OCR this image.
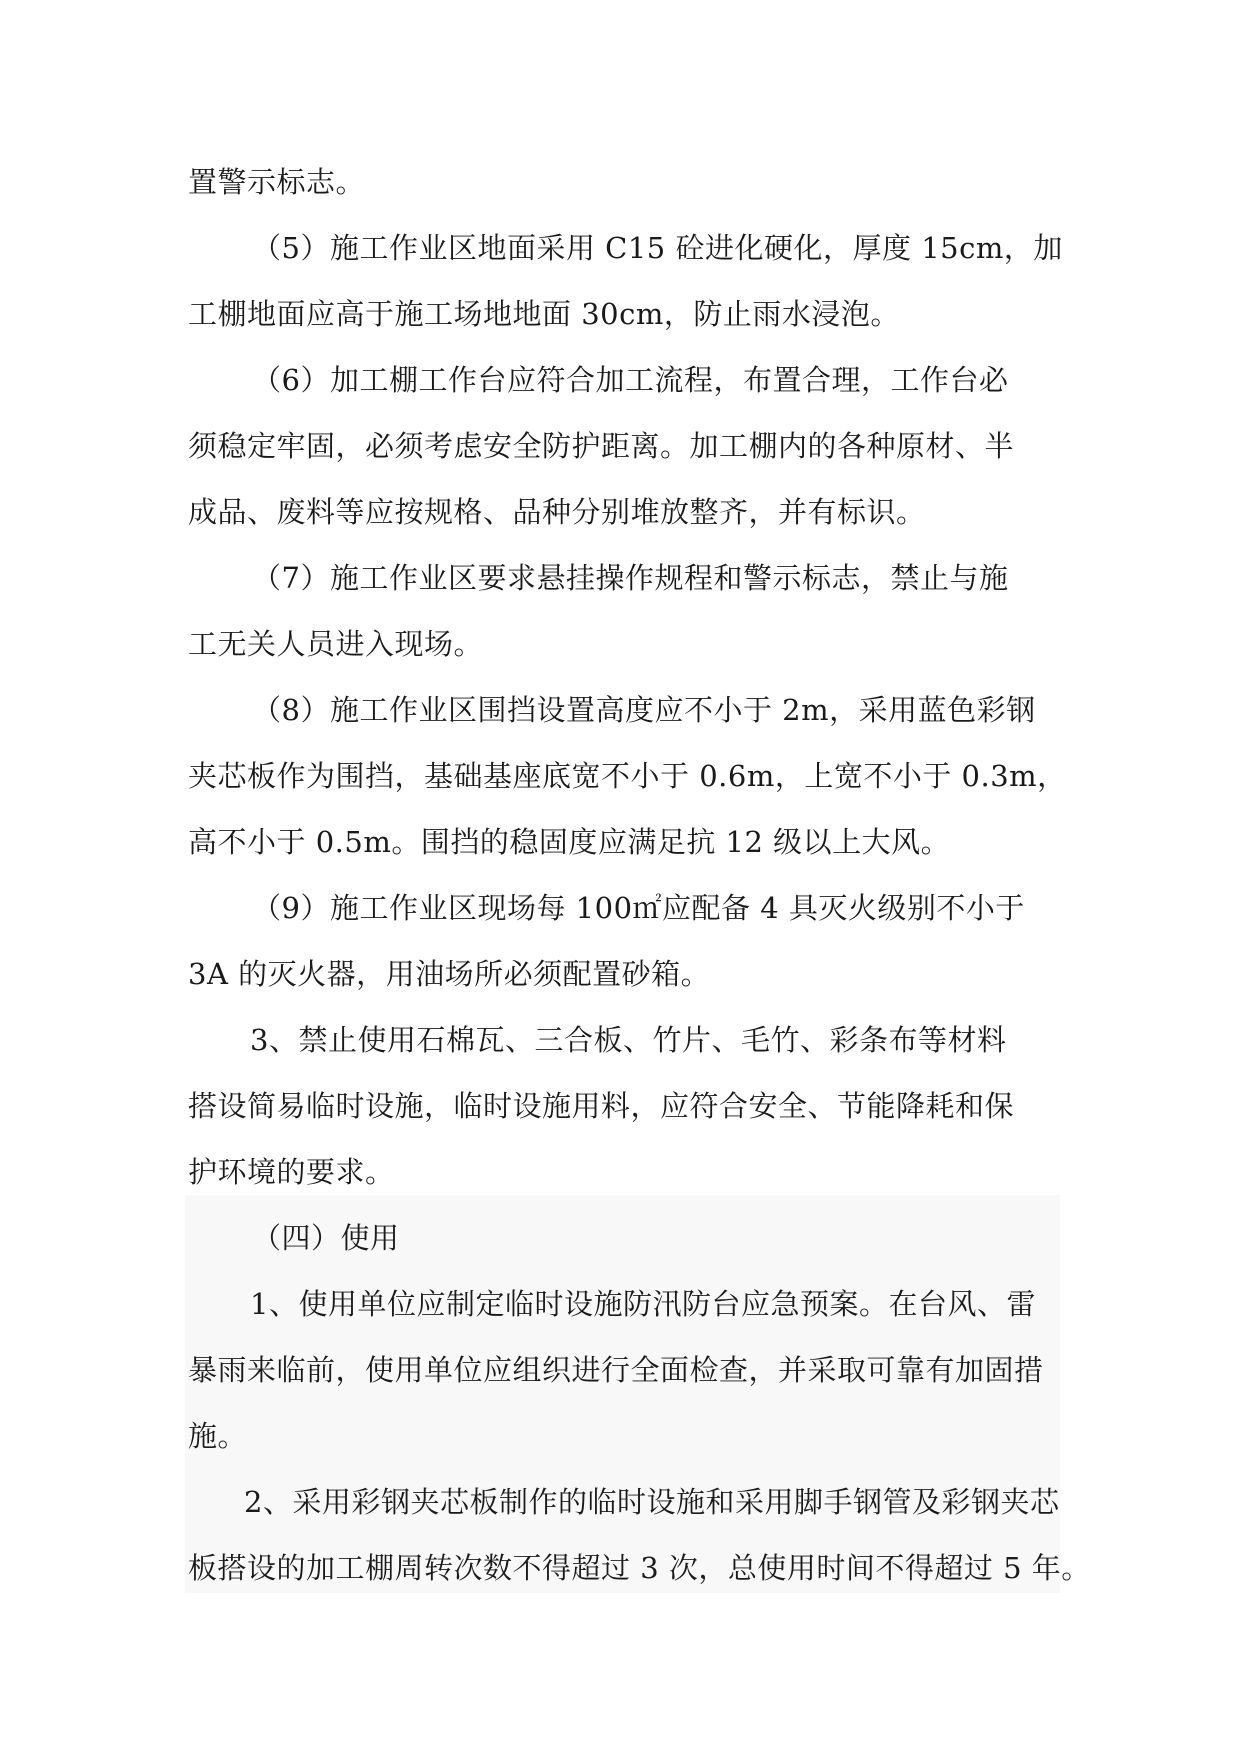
置警示标志。
（5）施工作业区地面采用 C15 砼进化硬化，厚度 15cm，加
工棚地面应高于施工场地地面 30cm，防止雨水浸泡。
（6）加工棚工作台应符合加工流程，布置合理，工作台必
须稳定牢固，必须考虑安全防护距离。加工棚内的各种原材、半
成品、废料等应按规格、品种分别堆放整齐，并有标识。
（7）施工作业区要求悬挂操作规程和警示标志，禁止与施
工无关人员进入现场。
（8）施工作业区围挡设置高度应不小于 2m，采用蓝色彩钢
夹芯板作为围挡，基础基座底宽不小于 0.6m，上宽不小于 0.3m，
高不小于 0.5m。围挡的稳固度应满足抗 12 级以上大风。
（9）施工作业区现场每 100㎡应配备 4 具灭火级别不小于
3A 的灭火器，用油场所必须配置砂箱。
3、禁止使用石棉瓦、三合板、竹片、毛竹、彩条布等材料
搭设简易临时设施，临时设施用料，应符合安全、节能降耗和保
护环境的要求。
（四）使用
1、使用单位应制定临时设施防汛防台应急预案。在台风、雷
暴雨来临前，使用单位应组织进行全面检查，并采取可靠有加固措
施。
2、采用彩钢夹芯板制作的临时设施和采用脚手钢管及彩钢夹芯
板搭设的加工棚周转次数不得超过 3 次，总使用时间不得超过 5 年。
